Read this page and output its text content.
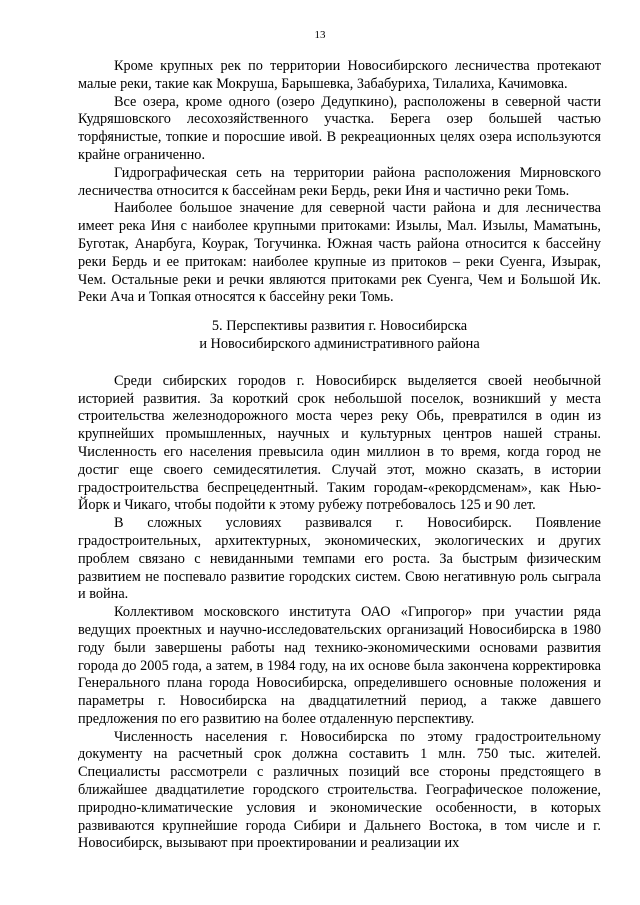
13

Кроме крупных рек по территории Новосибирского лесничества протекают малые реки, такие как Мокруша, Барышевка, Забабуриха, Тилалиха, Качимовка.

Все озера, кроме одного (озеро Дедупкино), расположены в северной части Кудряшовского лесохозяйственного участка. Берега озер большей частью торфянистые, топкие и поросшие ивой. В рекреационных целях озера используются крайне ограниченно.

Гидрографическая сеть на территории района расположения Мирновского лесничества относится к бассейнам реки Бердь, реки Иня и частично реки Томь.

Наиболее большое значение для северной части района и для лесничества имеет река Иня с наиболее крупными притоками: Изылы, Мал. Изылы, Маматынь, Буготак, Анарбуга, Коурак, Тогучинка. Южная часть района относится к бассейну реки Бердь и ее притокам: наиболее крупные из притоков – реки Суенга, Изырак, Чем. Остальные реки и речки являются притоками рек Суенга, Чем и Большой Ик. Реки Ача и Топкая относятся к бассейну реки Томь.

5. Перспективы развития г. Новосибирска
и Новосибирского административного района

Среди сибирских городов г. Новосибирск выделяется своей необычной историей развития. За короткий срок небольшой поселок, возникший у места строительства железнодорожного моста через реку Обь, превратился в один из крупнейших промышленных, научных и культурных центров нашей страны. Численность его населения превысила один миллион в то время, когда город не достиг еще своего семидесятилетия. Случай этот, можно сказать, в истории градостроительства беспрецедентный. Таким городам-«рекордсменам», как Нью-Йорк и Чикаго, чтобы подойти к этому рубежу потребовалось 125 и 90 лет.

В сложных условиях развивался г. Новосибирск. Появление градостроительных, архитектурных, экономических, экологических и других проблем связано с невиданными темпами его роста. За быстрым физическим развитием не поспевало развитие городских систем. Свою негативную роль сыграла и война.

Коллективом московского института ОАО «Гипрогор» при участии ряда ведущих проектных и научно-исследовательских организаций Новосибирска в 1980 году были завершены работы над технико-экономическими основами развития города до 2005 года, а затем, в 1984 году, на их основе была закончена корректировка Генерального плана города Новосибирска, определившего основные положения и параметры г. Новосибирска на двадцатилетний период, а также давшего предложения по его развитию на более отдаленную перспективу.

Численность населения г. Новосибирска по этому градостроительному документу на расчетный срок должна составить 1 млн. 750 тыс. жителей. Специалисты рассмотрели с различных позиций все стороны предстоящего в ближайшее двадцатилетие городского строительства. Географическое положение, природно-климатические условия и экономические особенности, в которых развиваются крупнейшие города Сибири и Дальнего Востока, в том числе и г. Новосибирск, вызывают при проектировании и реализации их
